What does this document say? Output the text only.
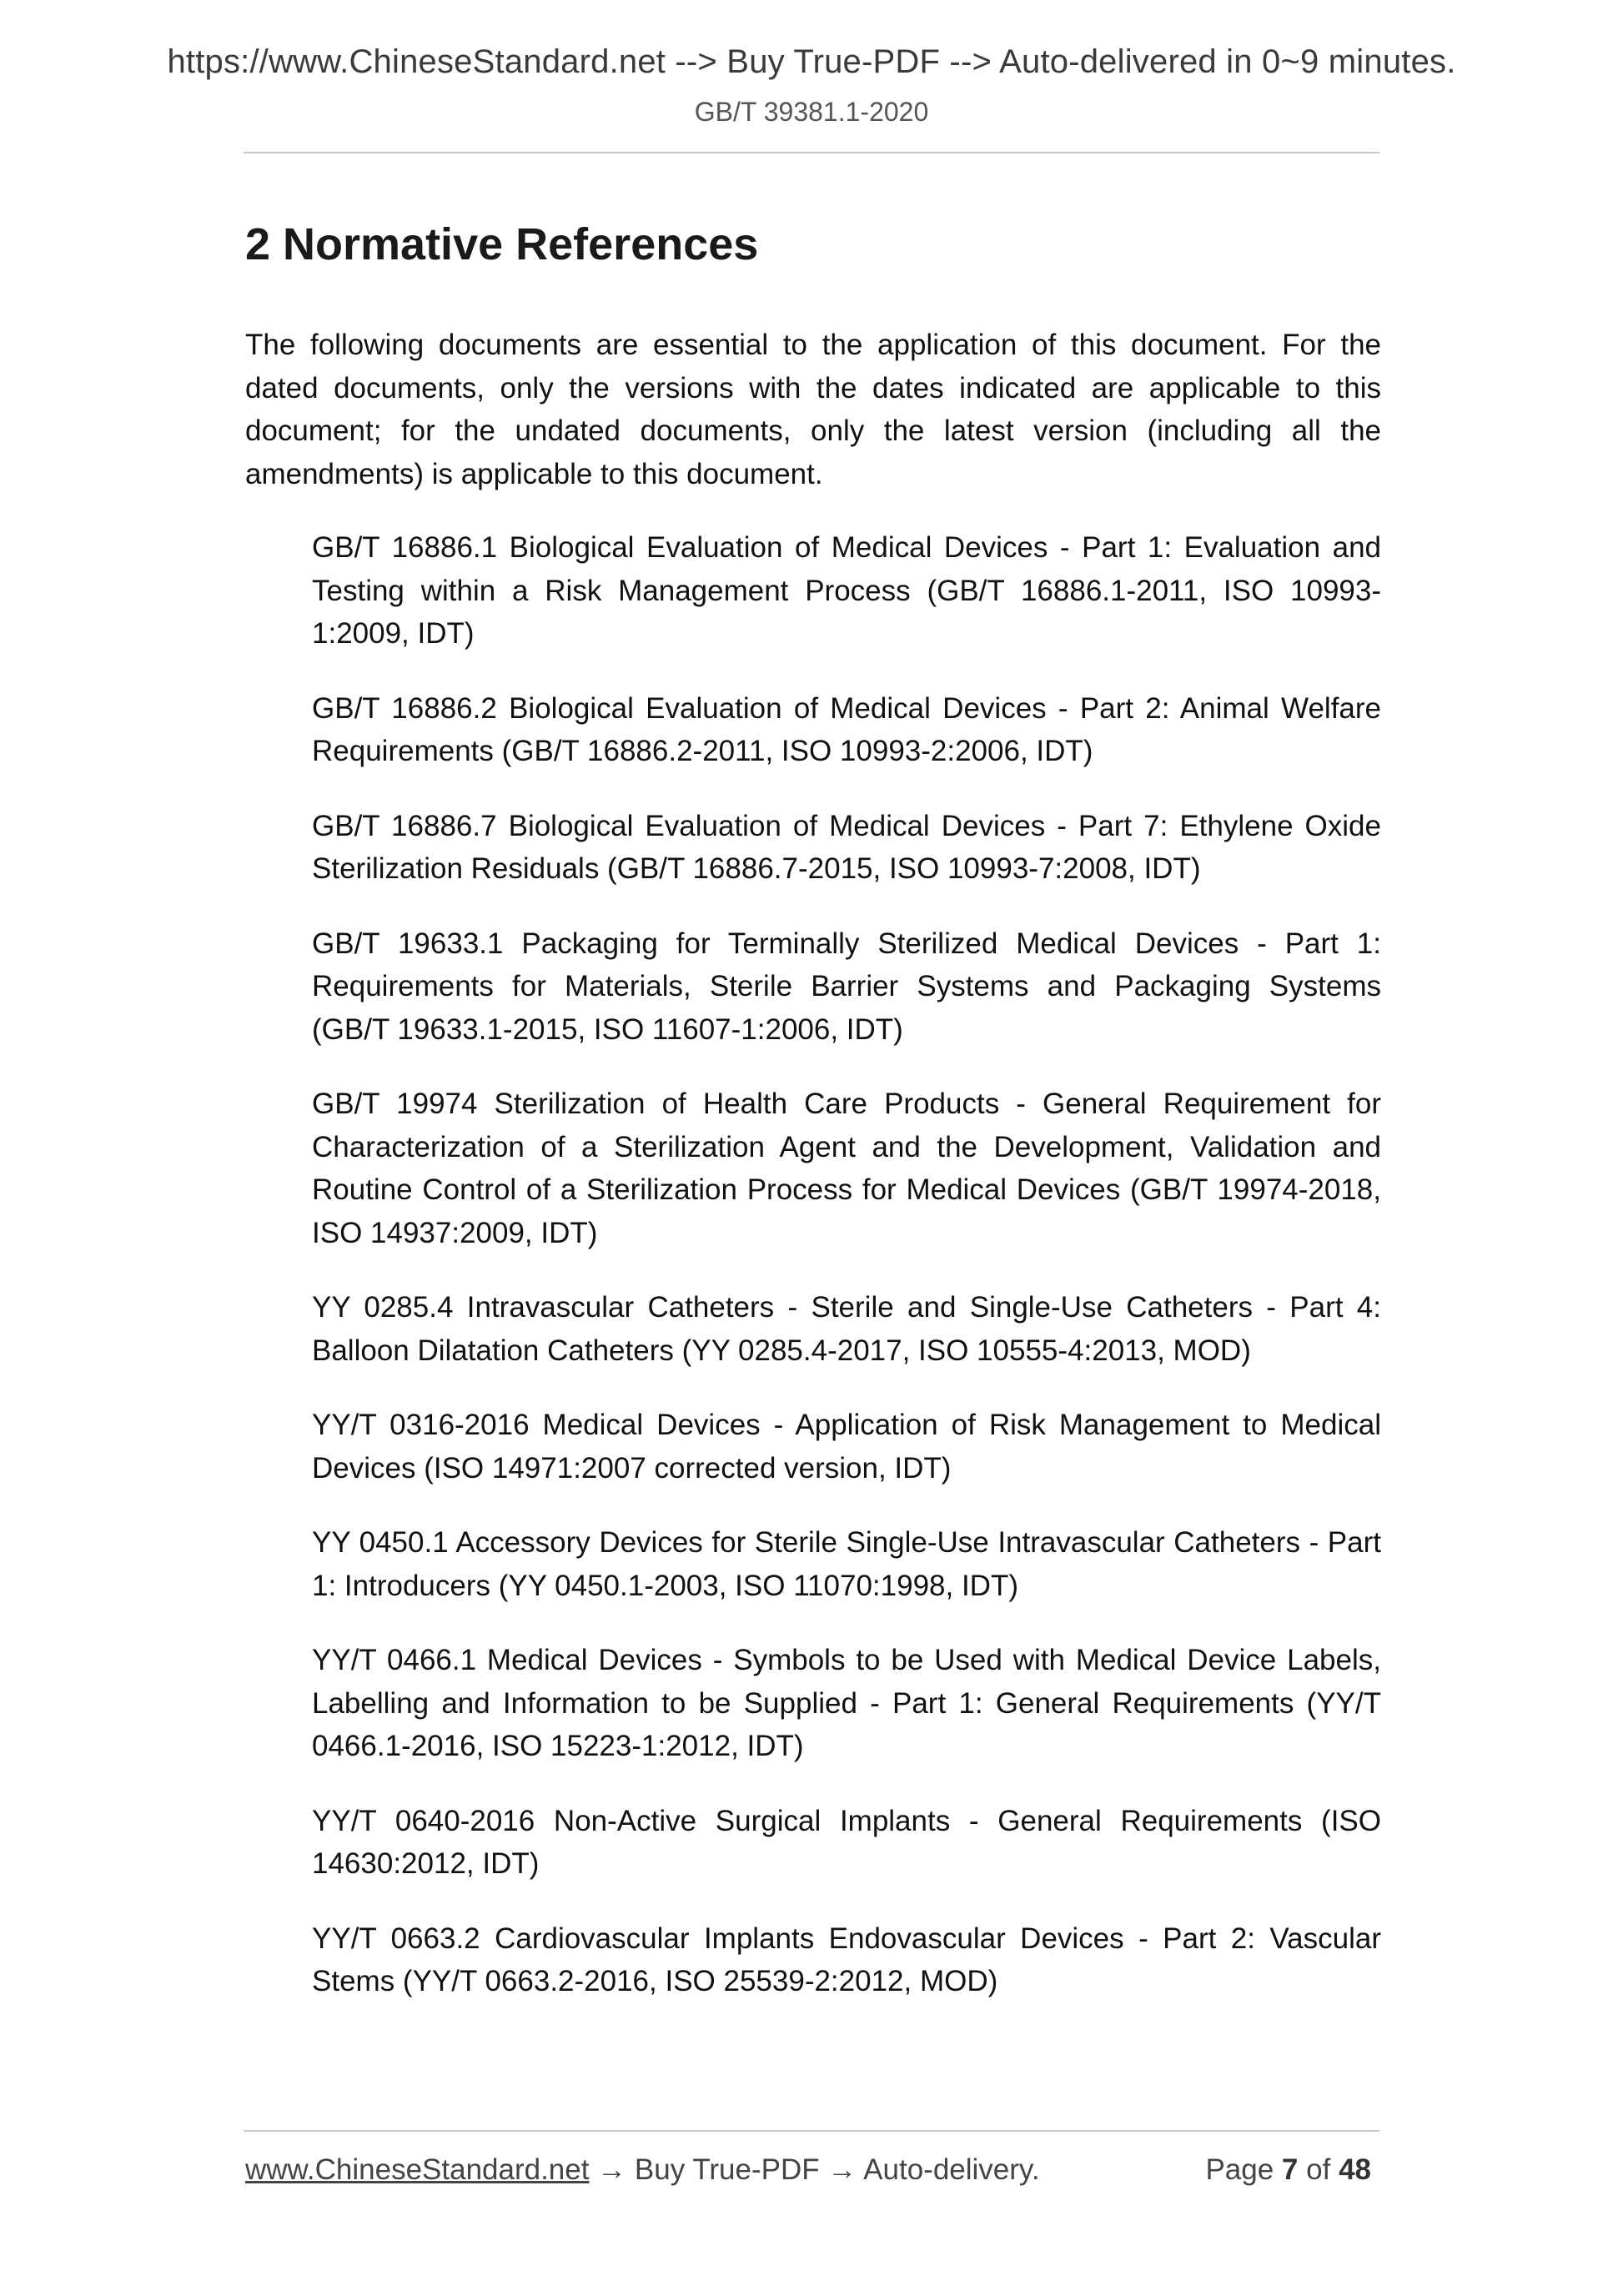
https://www.ChineseStandard.net --> Buy True-PDF --> Auto-delivered in 0~9 minutes.
GB/T 39381.1-2020
2 Normative References

The following documents are essential to the application of this document. For the dated documents, only the versions with the dates indicated are applicable to this document; for the undated documents, only the latest version (including all the amendments) is applicable to this document.

GB/T 16886.1 Biological Evaluation of Medical Devices - Part 1: Evaluation and Testing within a Risk Management Process (GB/T 16886.1-2011, ISO 10993-1:2009, IDT)
GB/T 16886.2 Biological Evaluation of Medical Devices - Part 2: Animal Welfare Requirements (GB/T 16886.2-2011, ISO 10993-2:2006, IDT)
GB/T 16886.7 Biological Evaluation of Medical Devices - Part 7: Ethylene Oxide Sterilization Residuals (GB/T 16886.7-2015, ISO 10993-7:2008, IDT)
GB/T 19633.1 Packaging for Terminally Sterilized Medical Devices - Part 1: Requirements for Materials, Sterile Barrier Systems and Packaging Systems (GB/T 19633.1-2015, ISO 11607-1:2006, IDT)
GB/T 19974 Sterilization of Health Care Products - General Requirement for Characterization of a Sterilization Agent and the Development, Validation and Routine Control of a Sterilization Process for Medical Devices (GB/T 19974-2018, ISO 14937:2009, IDT)
YY 0285.4 Intravascular Catheters - Sterile and Single-Use Catheters - Part 4: Balloon Dilatation Catheters (YY 0285.4-2017, ISO 10555-4:2013, MOD)
YY/T 0316-2016 Medical Devices - Application of Risk Management to Medical Devices (ISO 14971:2007 corrected version, IDT)
YY 0450.1 Accessory Devices for Sterile Single-Use Intravascular Catheters - Part 1: Introducers (YY 0450.1-2003, ISO 11070:1998, IDT)
YY/T 0466.1 Medical Devices - Symbols to be Used with Medical Device Labels, Labelling and Information to be Supplied - Part 1: General Requirements (YY/T 0466.1-2016, ISO 15223-1:2012, IDT)
YY/T 0640-2016 Non-Active Surgical Implants - General Requirements (ISO 14630:2012, IDT)
YY/T 0663.2 Cardiovascular Implants Endovascular Devices - Part 2: Vascular Stems (YY/T 0663.2-2016, ISO 25539-2:2012, MOD)
www.ChineseStandard.net → Buy True-PDF → Auto-delivery.	Page 7 of 48
